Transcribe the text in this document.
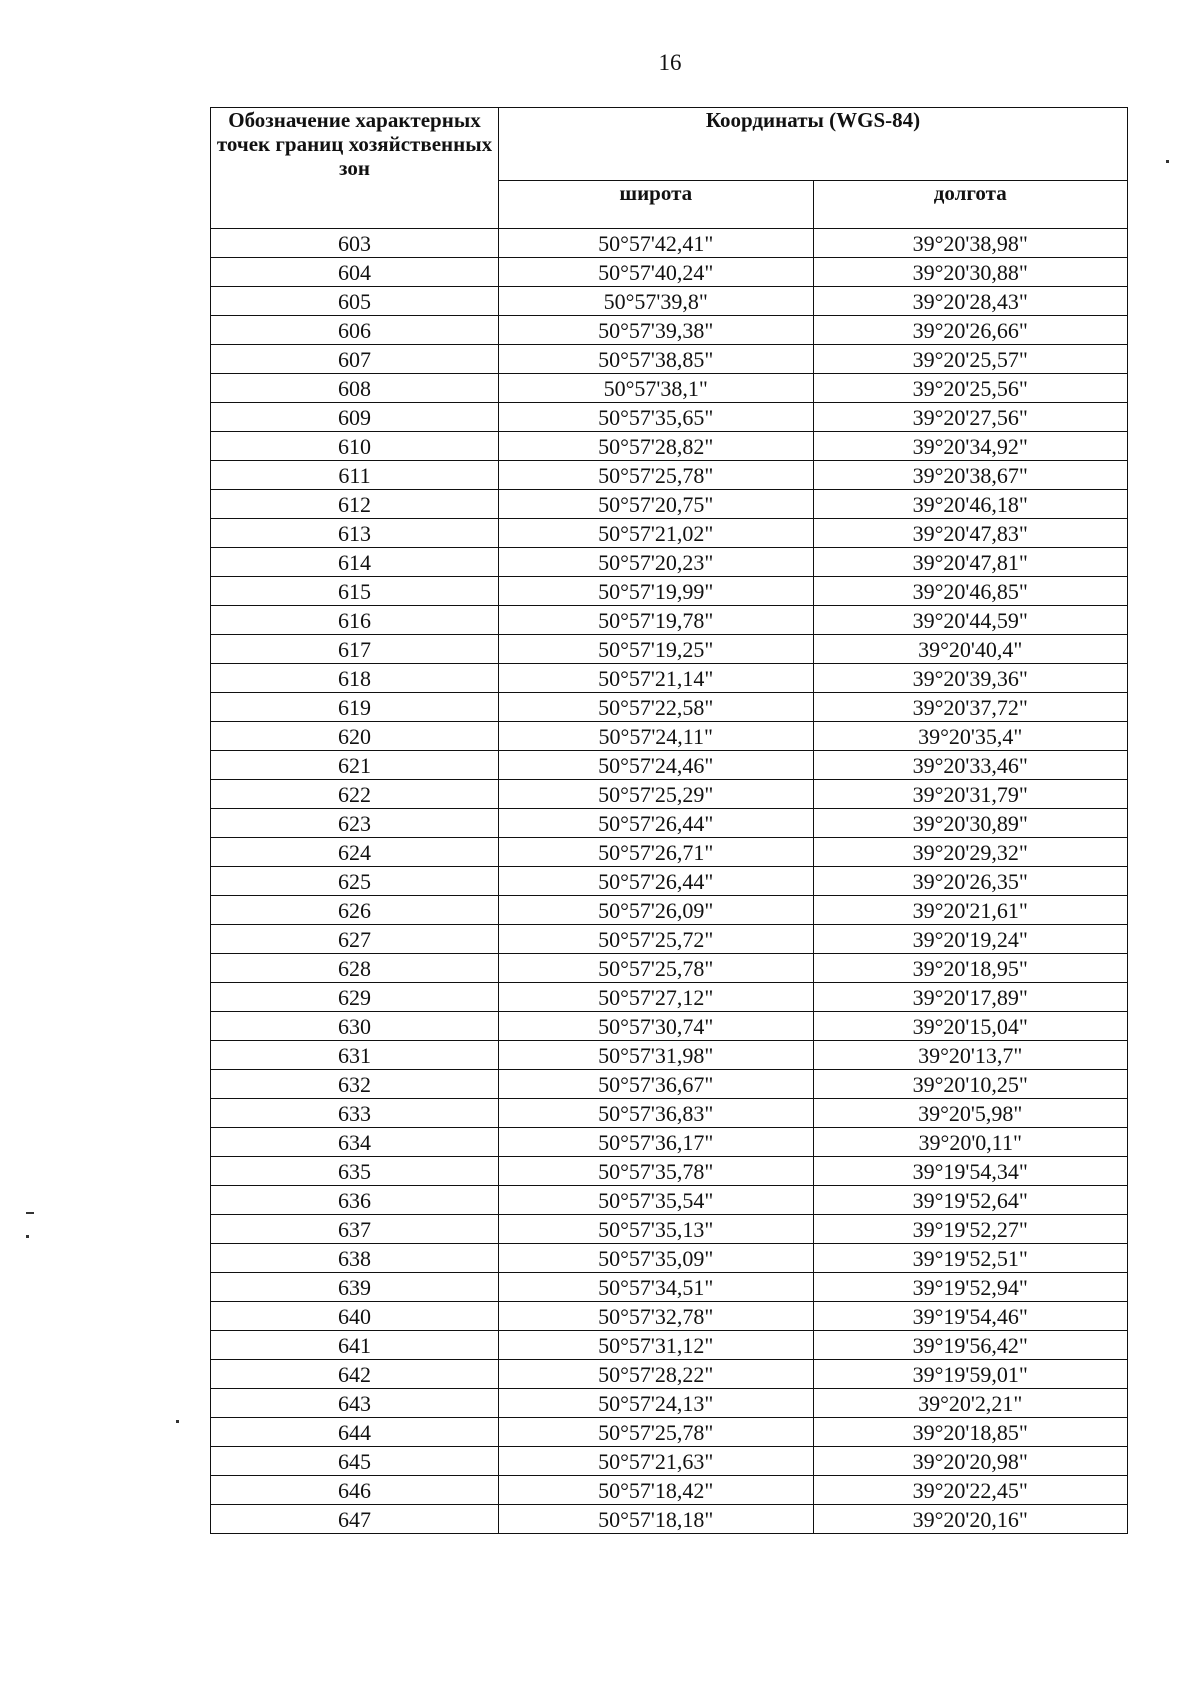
16
Обозначение характерных точек границ хозяйственных зон	Координаты (WGS-84)	
	широта	долгота
603	50°57'42,41"	39°20'38,98"
604	50°57'40,24"	39°20'30,88"
605	50°57'39,8"	39°20'28,43"
606	50°57'39,38"	39°20'26,66"
607	50°57'38,85"	39°20'25,57"
608	50°57'38,1"	39°20'25,56"
609	50°57'35,65"	39°20'27,56"
610	50°57'28,82"	39°20'34,92"
611	50°57'25,78"	39°20'38,67"
612	50°57'20,75"	39°20'46,18"
613	50°57'21,02"	39°20'47,83"
614	50°57'20,23"	39°20'47,81"
615	50°57'19,99"	39°20'46,85"
616	50°57'19,78"	39°20'44,59"
617	50°57'19,25"	39°20'40,4"
618	50°57'21,14"	39°20'39,36"
619	50°57'22,58"	39°20'37,72"
620	50°57'24,11"	39°20'35,4"
621	50°57'24,46"	39°20'33,46"
622	50°57'25,29"	39°20'31,79"
623	50°57'26,44"	39°20'30,89"
624	50°57'26,71"	39°20'29,32"
625	50°57'26,44"	39°20'26,35"
626	50°57'26,09"	39°20'21,61"
627	50°57'25,72"	39°20'19,24"
628	50°57'25,78"	39°20'18,95"
629	50°57'27,12"	39°20'17,89"
630	50°57'30,74"	39°20'15,04"
631	50°57'31,98"	39°20'13,7"
632	50°57'36,67"	39°20'10,25"
633	50°57'36,83"	39°20'5,98"
634	50°57'36,17"	39°20'0,11"
635	50°57'35,78"	39°19'54,34"
636	50°57'35,54"	39°19'52,64"
637	50°57'35,13"	39°19'52,27"
638	50°57'35,09"	39°19'52,51"
639	50°57'34,51"	39°19'52,94"
640	50°57'32,78"	39°19'54,46"
641	50°57'31,12"	39°19'56,42"
642	50°57'28,22"	39°19'59,01"
643	50°57'24,13"	39°20'2,21"
644	50°57'25,78"	39°20'18,85"
645	50°57'21,63"	39°20'20,98"
646	50°57'18,42"	39°20'22,45"
647	50°57'18,18"	39°20'20,16"
